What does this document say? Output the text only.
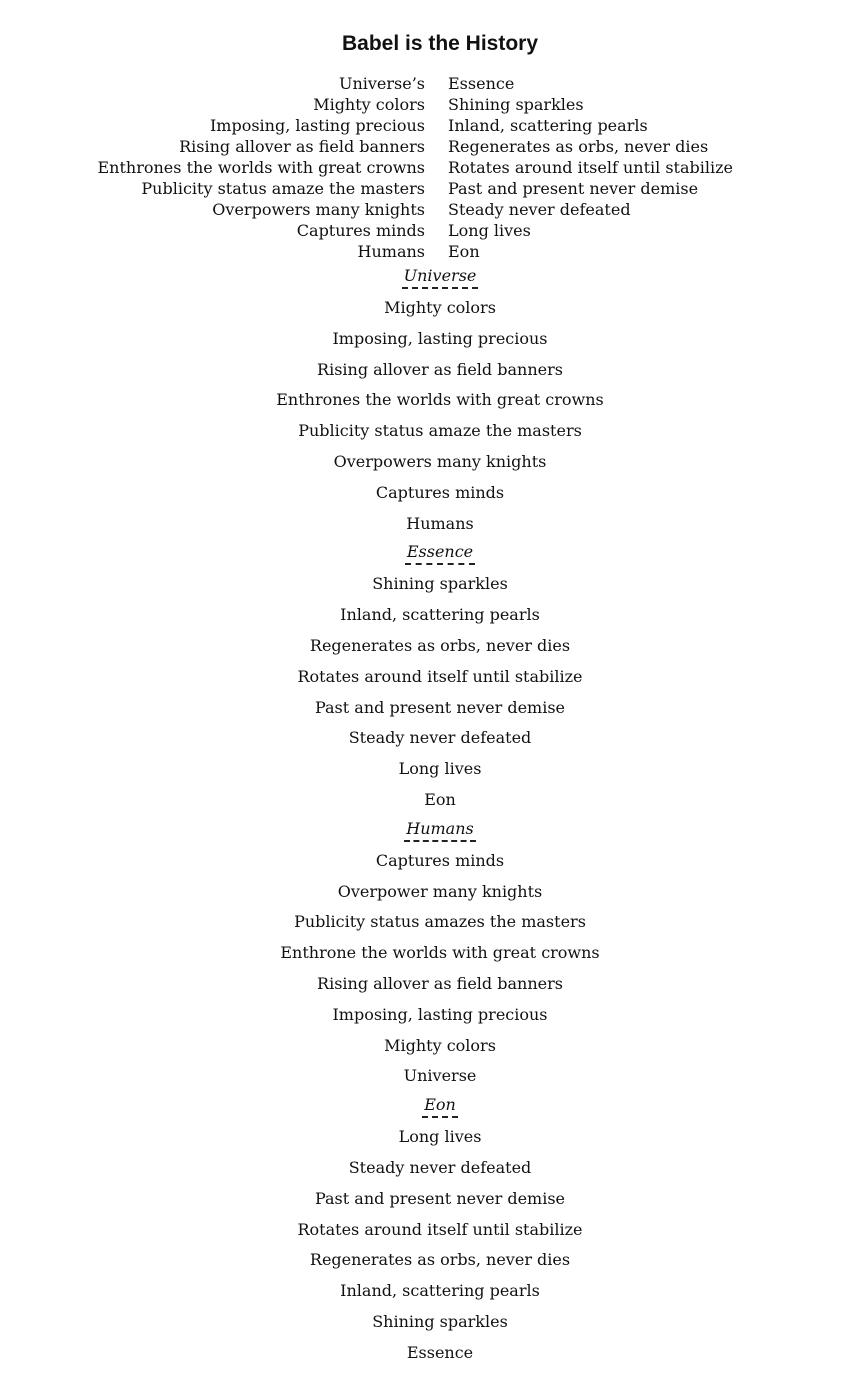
Babel is the History
Universe’s Essence
Mighty colors Shining sparkles
Imposing, lasting precious Inland, scattering pearls
Rising allover as field banners Regenerates as orbs, never dies
Enthrones the worlds with great crowns Rotates around itself until stabilize
Publicity status amaze the masters Past and present never demise
Overpowers many knights Steady never defeated
Captures minds Long lives
Humans Eon
Universe
Mighty colors
Imposing, lasting precious
Rising allover as field banners
Enthrones the worlds with great crowns
Publicity status amaze the masters
Overpowers many knights
Captures minds
Humans
Essence
Shining sparkles
Inland, scattering pearls
Regenerates as orbs, never dies
Rotates around itself until stabilize
Past and present never demise
Steady never defeated
Long lives
Eon
Humans
Captures minds
Overpower many knights
Publicity status amazes the masters
Enthrone the worlds with great crowns
Rising allover as field banners
Imposing, lasting precious
Mighty colors
Universe
Eon
Long lives
Steady never defeated
Past and present never demise
Rotates around itself until stabilize
Regenerates as orbs, never dies
Inland, scattering pearls
Shining sparkles
Essence
